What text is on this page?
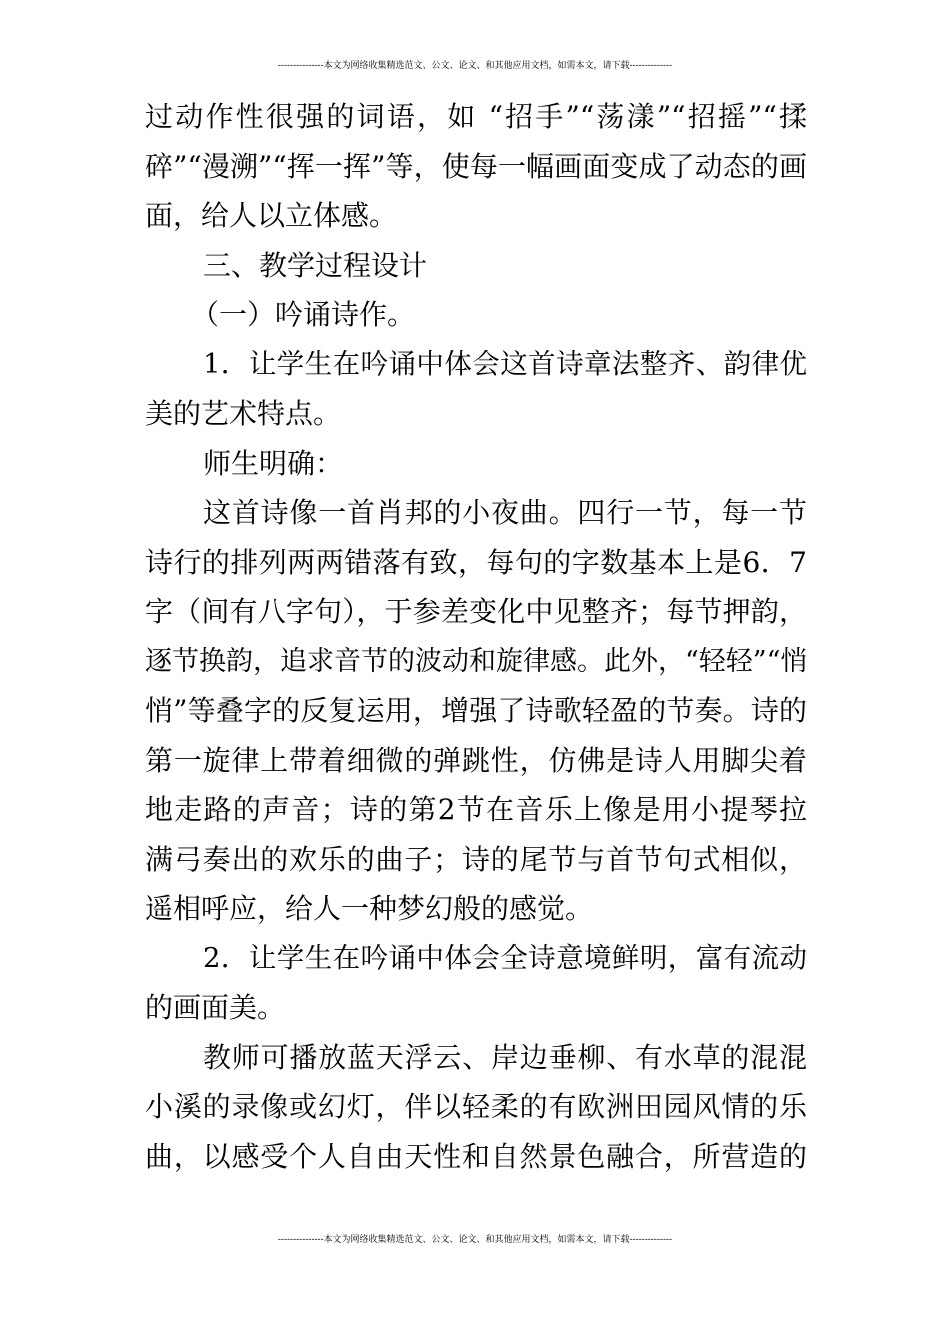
---------------本文为网络收集精选范文、公文、论文、和其他应用文档，如需本文，请下载--------------
过动作性很强的词语，如 “招手”“荡漾”“招摇”“揉
碎”“漫溯”“挥一挥”等，使每一幅画面变成了动态的画
面，给人以立体感。
三、教学过程设计
（一）吟诵诗作。
1．让学生在吟诵中体会这首诗章法整齐、韵律优
美的艺术特点。
师生明确：
这首诗像一首肖邦的小夜曲。四行一节，每一节
诗行的排列两两错落有致，每句的字数基本上是6．7
字（间有八字句），于参差变化中见整齐；每节押韵，
逐节换韵，追求音节的波动和旋律感。此外，“轻轻”“悄
悄”等叠字的反复运用，增强了诗歌轻盈的节奏。诗的
第一旋律上带着细微的弹跳性，仿佛是诗人用脚尖着
地走路的声音；诗的第2节在音乐上像是用小提琴拉
满弓奏出的欢乐的曲子；诗的尾节与首节句式相似，
遥相呼应，给人一种梦幻般的感觉。
2．让学生在吟诵中体会全诗意境鲜明，富有流动
的画面美。
教师可播放蓝天浮云、岸边垂柳、有水草的混混
小溪的录像或幻灯，伴以轻柔的有欧洲田园风情的乐
曲，以感受个人自由天性和自然景色融合，所营造的
---------------本文为网络收集精选范文、公文、论文、和其他应用文档，如需本文，请下载--------------
